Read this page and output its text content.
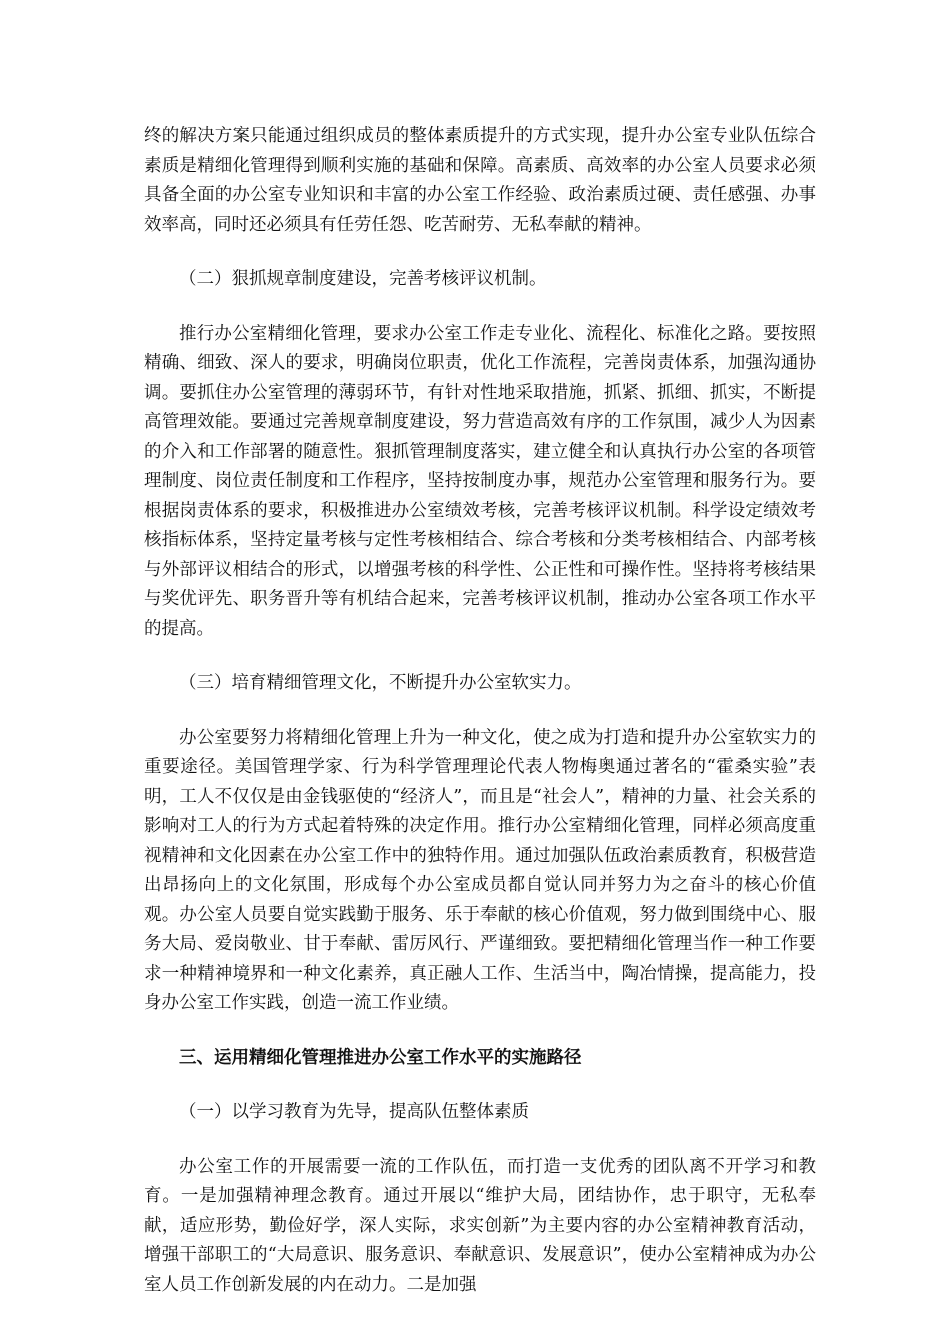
终的解决方案只能通过组织成员的整体素质提升的方式实现，提升办公室专业队伍综合素质是精细化管理得到顺利实施的基础和保障。高素质、高效率的办公室人员要求必须具备全面的办公室专业知识和丰富的办公室工作经验、政治素质过硬、责任感强、办事效率高，同时还必须具有任劳任怨、吃苦耐劳、无私奉献的精神。

（二）狠抓规章制度建设，完善考核评议机制。

推行办公室精细化管理，要求办公室工作走专业化、流程化、标准化之路。要按照精确、细致、深人的要求，明确岗位职责，优化工作流程，完善岗责体系，加强沟通协调。要抓住办公室管理的薄弱环节，有针对性地采取措施，抓紧、抓细、抓实，不断提高管理效能。要通过完善规章制度建设，努力营造高效有序的工作氛围，减少人为因素的介入和工作部署的随意性。狠抓管理制度落实，建立健全和认真执行办公室的各项管理制度、岗位责任制度和工作程序，坚持按制度办事，规范办公室管理和服务行为。要根据岗责体系的要求，积极推进办公室绩效考核，完善考核评议机制。科学设定绩效考核指标体系，坚持定量考核与定性考核相结合、综合考核和分类考核相结合、内部考核与外部评议相结合的形式，以增强考核的科学性、公正性和可操作性。坚持将考核结果与奖优评先、职务晋升等有机结合起来，完善考核评议机制，推动办公室各项工作水平的提高。

（三）培育精细管理文化，不断提升办公室软实力。

办公室要努力将精细化管理上升为一种文化，使之成为打造和提升办公室软实力的重要途径。美国管理学家、行为科学管理理论代表人物梅奥通过著名的“霍桑实验”表明，工人不仅仅是由金钱驱使的“经济人”，而且是“社会人”，精神的力量、社会关系的影响对工人的行为方式起着特殊的决定作用。推行办公室精细化管理，同样必须高度重视精神和文化因素在办公室工作中的独特作用。通过加强队伍政治素质教育，积极营造出昂扬向上的文化氛围，形成每个办公室成员都自觉认同并努力为之奋斗的核心价值观。办公室人员要自觉实践勤于服务、乐于奉献的核心价值观，努力做到围绕中心、服务大局、爱岗敬业、甘于奉献、雷厉风行、严谨细致。要把精细化管理当作一种工作要求一种精神境界和一种文化素养，真正融人工作、生活当中，陶冶情操，提高能力，投身办公室工作实践，创造一流工作业绩。

三、运用精细化管理推进办公室工作水平的实施路径

（一）以学习教育为先导，提高队伍整体素质

办公室工作的开展需要一流的工作队伍，而打造一支优秀的团队离不开学习和教育。一是加强精神理念教育。通过开展以“维护大局，团结协作，忠于职守，无私奉献，适应形势，勤俭好学，深人实际，求实创新”为主要内容的办公室精神教育活动，增强干部职工的“大局意识、服务意识、奉献意识、发展意识”，使办公室精神成为办公室人员工作创新发展的内在动力。二是加强
